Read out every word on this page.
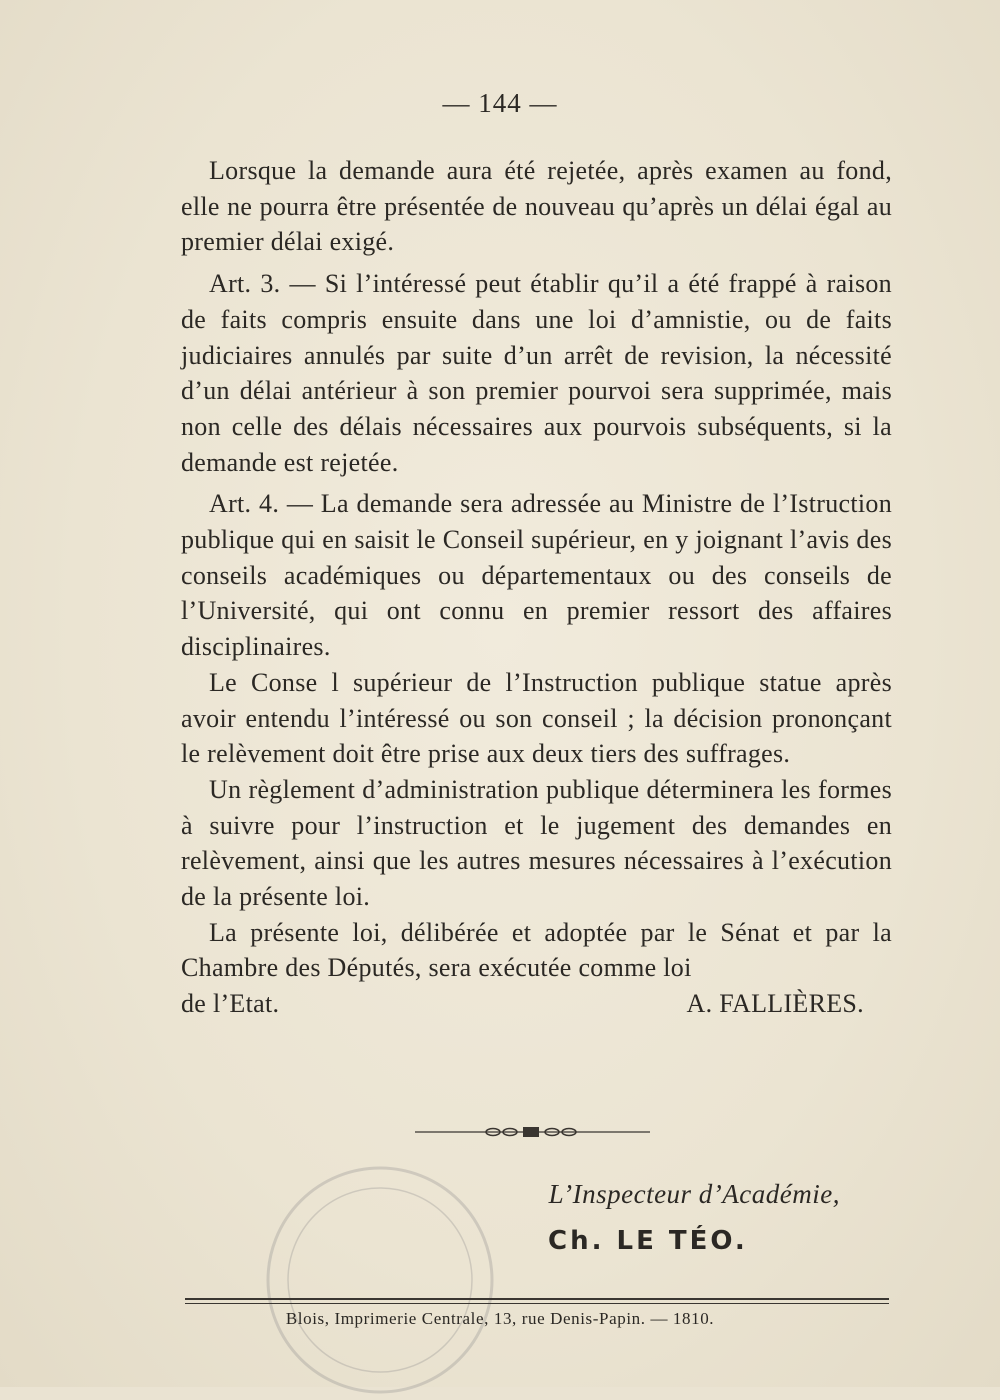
— 144 —

Lorsque la demande aura été rejetée, après examen au fond, elle ne pourra être présentée de nouveau qu’après un délai égal au premier délai exigé.

Art. 3. — Si l’intéressé peut établir qu’il a été frappé à raison de faits compris ensuite dans une loi d’amnistie, ou de faits judiciaires annulés par suite d’un arrêt de revision, la nécessité d’un délai antérieur à son premier pourvoi sera supprimée, mais non celle des délais nécessaires aux pourvois subséquents, si la demande est rejetée.

Art. 4. — La demande sera adressée au Ministre de l’Istruction publique qui en saisit le Conseil supérieur, en y joignant l’avis des conseils académiques ou départementaux ou des conseils de l’Université, qui ont connu en premier ressort des affaires disciplinaires.

Le Conse l supérieur de l’Instruction publique statue après avoir entendu l’intéressé ou son conseil ; la décision prononçant le relèvement doit être prise aux deux tiers des suffrages.

Un règlement d’administration publique déterminera les formes à suivre pour l’instruction et le jugement des demandes en relèvement, ainsi que les autres mesures nécessaires à l’exécution de la présente loi.

La présente loi, délibérée et adoptée par le Sénat et par la Chambre des Députés, sera exécutée comme loi

de l’Etat.	A. FALLIÈRES.
L’Inspecteur d’Académie,
Ch. LE TÉO.
Blois, Imprimerie Centrale, 13, rue Denis-Papin. — 1810.
